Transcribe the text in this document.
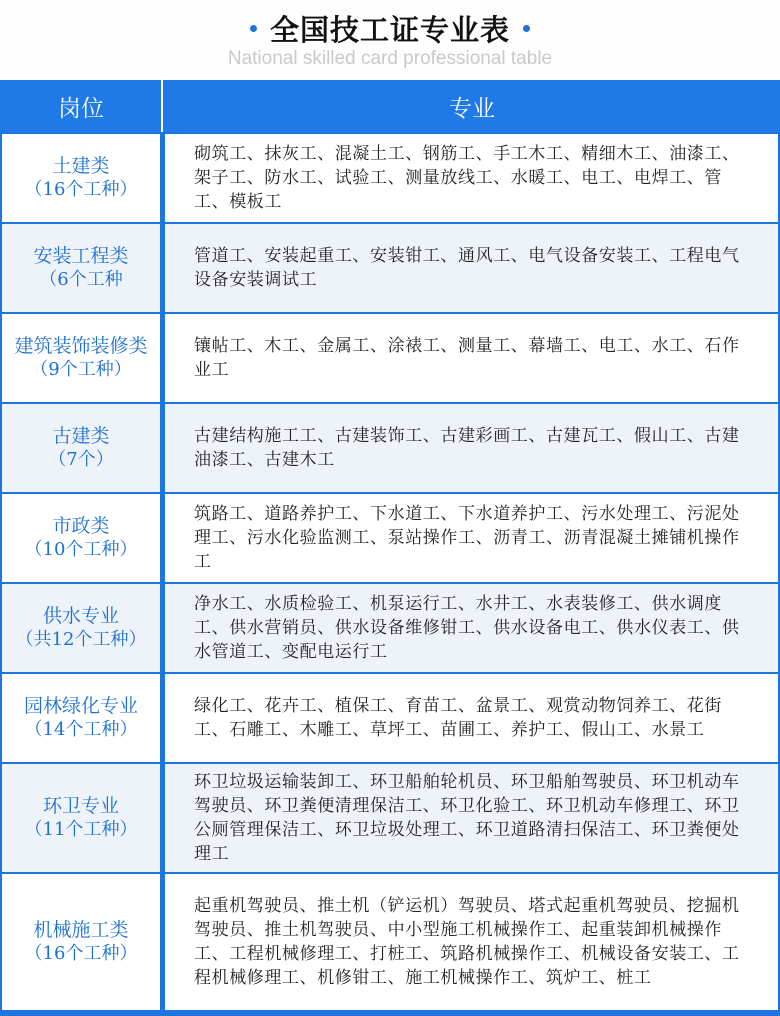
全国技工证专业表
National skilled card professional table
岗位	专业
土建类
（16个工种）
砌筑工、抹灰工、混凝土工、钢筋工、手工木工、精细木工、油漆工、架子工、防水工、试验工、测量放线工、水暖工、电工、电焊工、管工、模板工
安装工程类
（6个工种
管道工、安装起重工、安装钳工、通风工、电气设备安装工、工程电气设备安装调试工
建筑装饰装修类
（9个工种）
镶帖工、木工、金属工、涂裱工、测量工、幕墙工、电工、水工、石作业工
古建类
（7个）
古建结构施工工、古建装饰工、古建彩画工、古建瓦工、假山工、古建油漆工、古建木工
市政类
（10个工种）
筑路工、道路养护工、下水道工、下水道养护工、污水处理工、污泥处理工、污水化验监测工、泵站操作工、沥青工、沥青混凝土摊铺机操作工
供水专业
（共12个工种）
净水工、水质检验工、机泵运行工、水井工、水表装修工、供水调度工、供水营销员、供水设备维修钳工、供水设备电工、供水仪表工、供水管道工、变配电运行工
园林绿化专业
（14个工种）
绿化工、花卉工、植保工、育苗工、盆景工、观赏动物饲养工、花街工、石雕工、木雕工、草坪工、苗圃工、养护工、假山工、水景工
环卫专业
（11个工种）
环卫垃圾运输装卸工、环卫船舶轮机员、环卫船舶驾驶员、环卫机动车驾驶员、环卫粪便清理保洁工、环卫化验工、环卫机动车修理工、环卫公厕管理保洁工、环卫垃圾处理工、环卫道路清扫保洁工、环卫粪便处理工
机械施工类
（16个工种）
起重机驾驶员、推土机（铲运机）驾驶员、塔式起重机驾驶员、挖掘机驾驶员、推土机驾驶员、中小型施工机械操作工、起重装卸机械操作工、工程机械修理工、打桩工、筑路机械操作工、机械设备安装工、工程机械修理工、机修钳工、施工机械操作工、筑炉工、桩工
